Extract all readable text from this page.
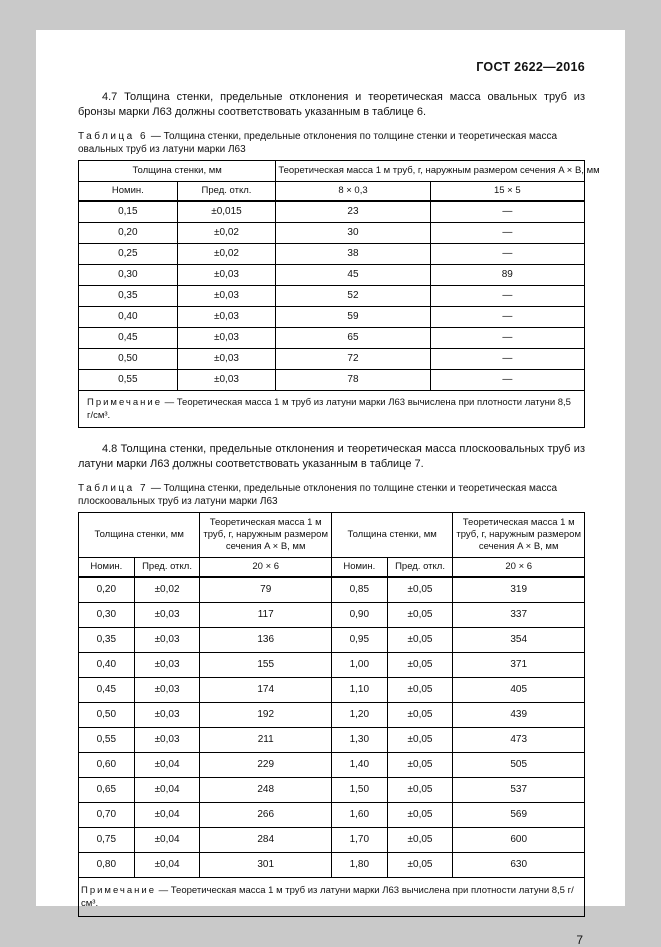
ГОСТ 2622—2016

4.7 Толщина стенки, предельные отклонения и теоретическая масса овальных труб из бронзы марки Л63 должны соответствовать указанным в таблице 6.

Таблица 6 — Толщина стенки, предельные отклонения по толщине стенки и теоретическая масса овальных труб из латуни марки Л63

Толщина стенки, мм		Теоретическая масса 1 м труб, г, наружным размером сечения A × B, мм	
Номин.	Пред. откл.	8 × 0,3	15 × 5
0,15	±0,015	23	—
0,20	±0,02	30	—
0,25	±0,02	38	—
0,30	±0,03	45	89
0,35	±0,03	52	—
0,40	±0,03	59	—
0,45	±0,03	65	—
0,50	±0,03	72	—
0,55	±0,03	78	—
Примечание — Теоретическая масса 1 м труб из латуни марки Л63 вычислена при плотности латуни 8,5 г/см³.			

4.8 Толщина стенки, предельные отклонения и теоретическая масса плоскоовальных труб из латуни марки Л63 должны соответствовать указанным в таблице 7.

Таблица 7 — Толщина стенки, предельные отклонения по толщине стенки и теоретическая масса плоскоовальных труб из латуни марки Л63

Толщина стенки, мм		Теоретическая масса 1 м труб, г, наружным размером сечения A × B, мм	Толщина стенки, мм		Теоретическая масса 1 м труб, г, наружным размером сечения A × B, мм
Номин.	Пред. откл.	20 × 6	Номин.	Пред. откл.	20 × 6
0,20	±0,02	79	0,85	±0,05	319
0,30	±0,03	117	0,90	±0,05	337
0,35	±0,03	136	0,95	±0,05	354
0,40	±0,03	155	1,00	±0,05	371
0,45	±0,03	174	1,10	±0,05	405
0,50	±0,03	192	1,20	±0,05	439
0,55	±0,03	211	1,30	±0,05	473
0,60	±0,04	229	1,40	±0,05	505
0,65	±0,04	248	1,50	±0,05	537
0,70	±0,04	266	1,60	±0,05	569
0,75	±0,04	284	1,70	±0,05	600
0,80	±0,04	301	1,80	±0,05	630
Примечание — Теоретическая масса 1 м труб из латуни марки Л63 вычислена при плотности латуни 8,5 г/см³.					
7
